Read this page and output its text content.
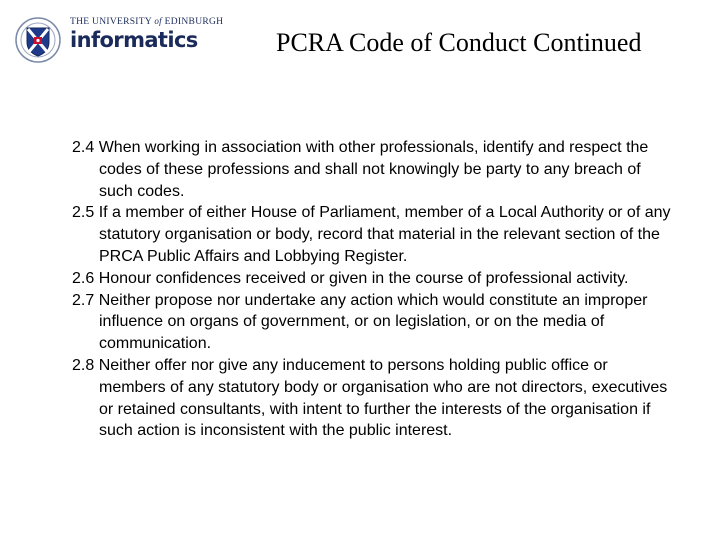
THE UNIVERSITY of EDINBURGH
informatics	PCRA Code of Conduct Continued

2.4 When working in association with other professionals, identify and respect the codes of these professions and shall not knowingly be party to any breach of such codes.

2.5 If a member of either House of Parliament, member of a Local Authority or of any statutory organisation or body, record that material in the relevant section of the PRCA Public Affairs and Lobbying Register.

2.6 Honour confidences received or given in the course of professional activity.

2.7 Neither propose nor undertake any action which would constitute an improper influence on organs of government, or on legislation, or on the media of communication.

2.8 Neither offer nor give any inducement to persons holding public office or members of any statutory body or organisation who are not directors, executives or retained consultants, with intent to further the interests of the organisation if such action is inconsistent with the public interest.
